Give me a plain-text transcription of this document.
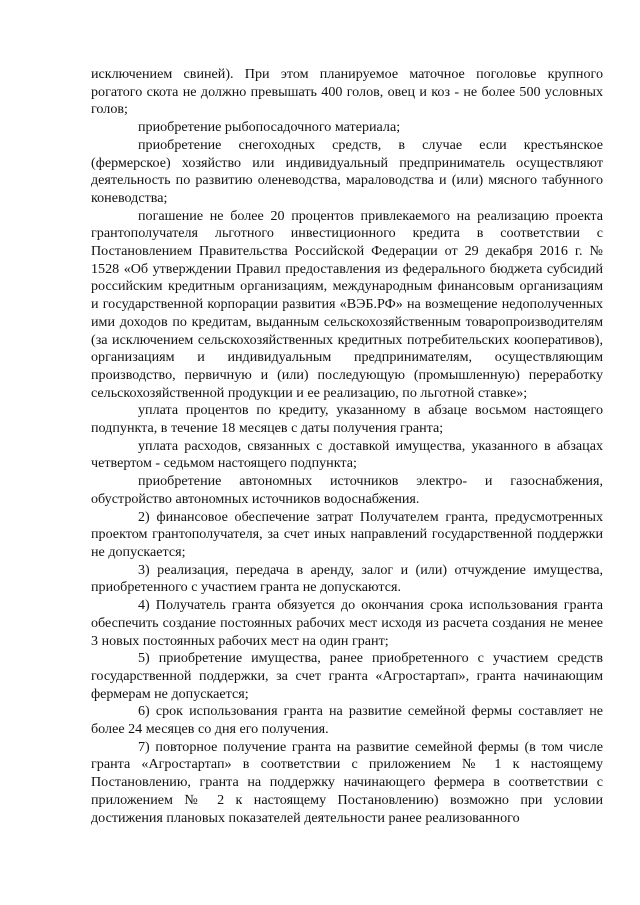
исключением свиней). При этом планируемое маточное поголовье крупного рогатого скота не должно превышать 400 голов, овец и коз - не более 500 условных голов;

приобретение рыбопосадочного материала;

приобретение снегоходных средств, в случае если крестьянское (фермерское) хозяйство или индивидуальный предприниматель осуществляют деятельность по развитию оленеводства, мараловодства и (или) мясного табунного коневодства;

погашение не более 20 процентов привлекаемого на реализацию проекта грантополучателя льготного инвестиционного кредита в соответствии с Постановлением Правительства Российской Федерации от 29 декабря 2016 г. № 1528 «Об утверждении Правил предоставления из федерального бюджета субсидий российским кредитным организациям, международным финансовым организациям и государственной корпорации развития «ВЭБ.РФ» на возмещение недополученных ими доходов по кредитам, выданным сельскохозяйственным товаропроизводителям (за исключением сельскохозяйственных кредитных потребительских кооперативов), организациям и индивидуальным предпринимателям, осуществляющим производство, первичную и (или) последующую (промышленную) переработку сельскохозяйственной продукции и ее реализацию, по льготной ставке»;

уплата процентов по кредиту, указанному в абзаце восьмом настоящего подпункта, в течение 18 месяцев с даты получения гранта;

уплата расходов, связанных с доставкой имущества, указанного в абзацах четвертом - седьмом настоящего подпункта;

приобретение автономных источников электро- и газоснабжения, обустройство автономных источников водоснабжения.

2) финансовое обеспечение затрат Получателем гранта, предусмотренных проектом грантополучателя, за счет иных направлений государственной поддержки не допускается;

3) реализация, передача в аренду, залог и (или) отчуждение имущества, приобретенного с участием гранта не допускаются.

4) Получатель гранта обязуется до окончания срока использования гранта обеспечить создание постоянных рабочих мест исходя из расчета создания не менее 3 новых постоянных рабочих мест на один грант;

5) приобретение имущества, ранее приобретенного с участием средств государственной поддержки, за счет гранта «Агростартап», гранта начинающим фермерам не допускается;

6) срок использования гранта на развитие семейной фермы составляет не более 24 месяцев со дня его получения.

7) повторное получение гранта на развитие семейной фермы (в том числе гранта «Агростартап» в соответствии с приложением № 1 к настоящему Постановлению, гранта на поддержку начинающего фермера в соответствии с приложением № 2 к настоящему Постановлению) возможно при условии достижения плановых показателей деятельности ранее реализованного
